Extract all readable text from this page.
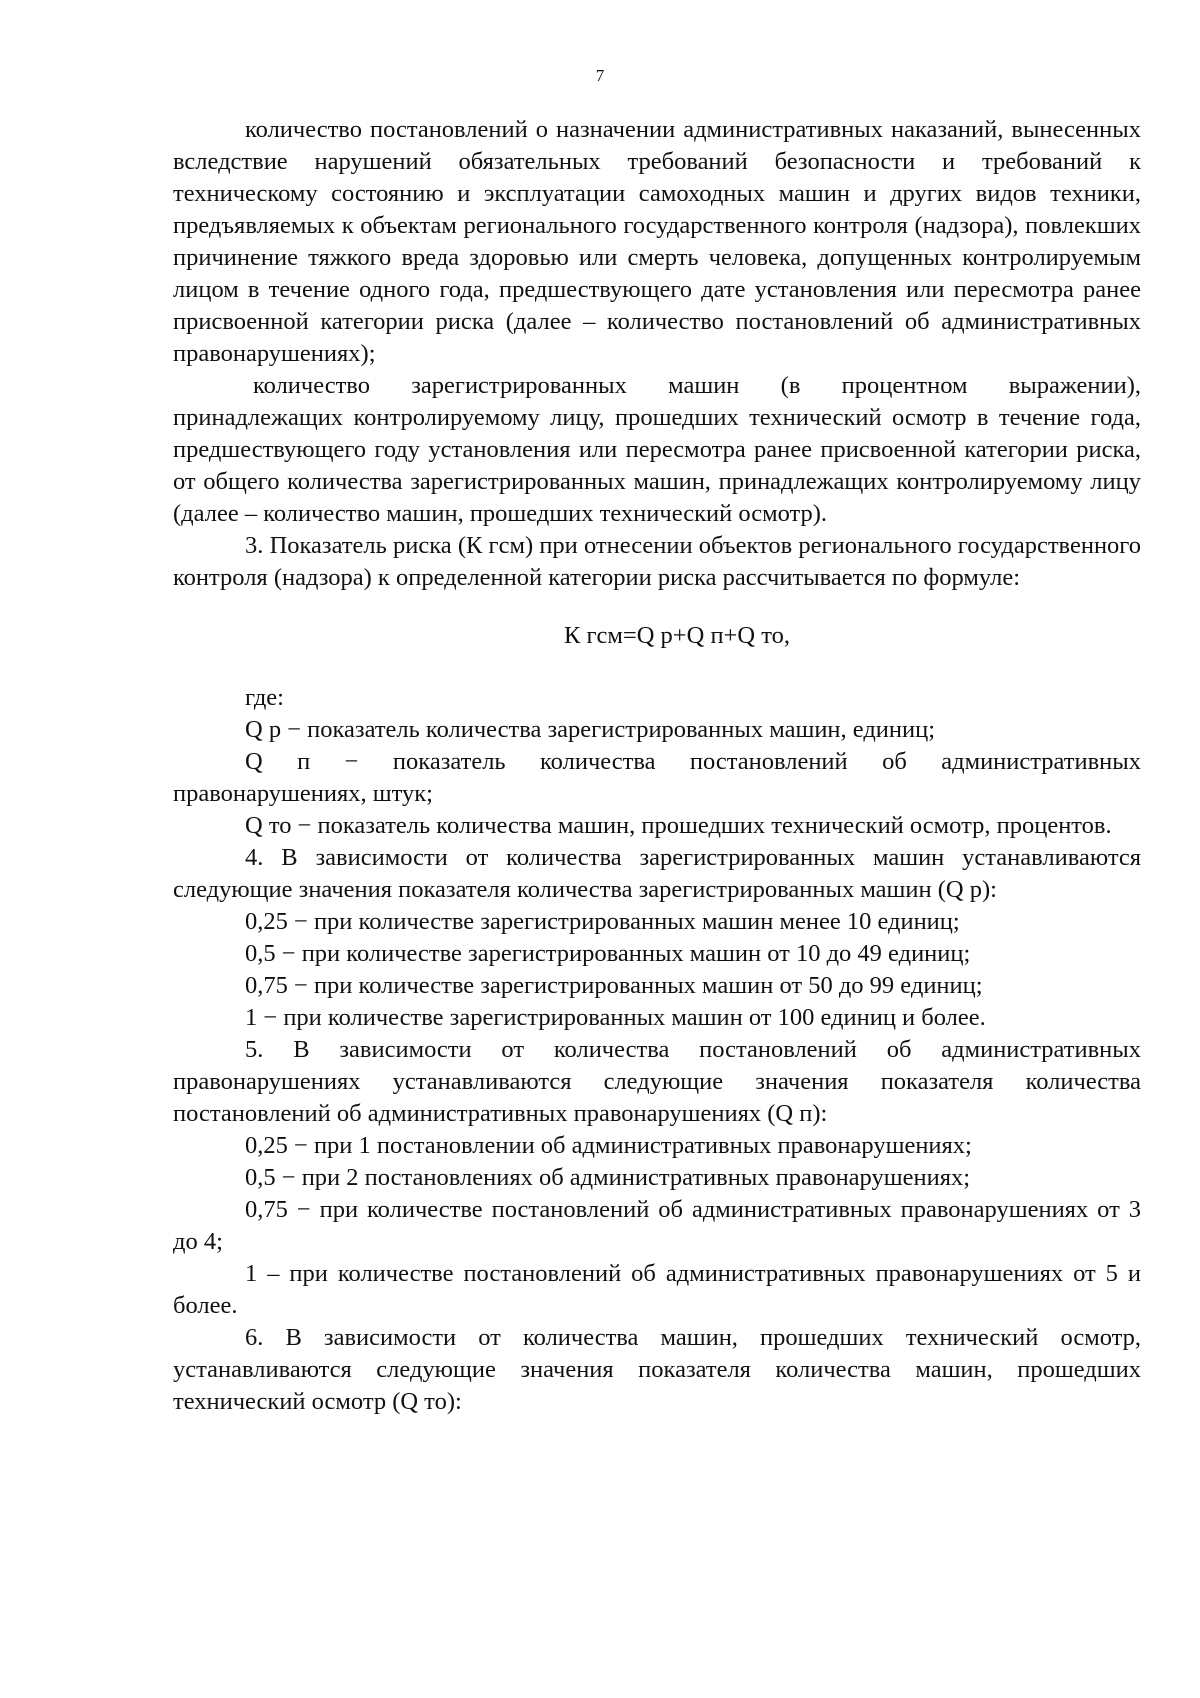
7

количество постановлений о назначении административных наказаний, вынесенных вследствие нарушений обязательных требований безопасности и требований к техническому состоянию и эксплуатации самоходных машин и других видов техники, предъявляемых к объектам регионального государственного контроля (надзора), повлекших причинение тяжкого вреда здоровью или смерть человека, допущенных контролируемым лицом в течение одного года, предшествующего дате установления или пересмотра ранее присвоенной категории риска (далее – количество постановлений об административных правонарушениях);

количество зарегистрированных машин (в процентном выражении), принадлежащих контролируемому лицу, прошедших технический осмотр в течение года, предшествующего году установления или пересмотра ранее присвоенной категории риска, от общего количества зарегистрированных машин, принадлежащих контролируемому лицу (далее – количество машин, прошедших технический осмотр).

3. Показатель риска (К гсм) при отнесении объектов регионального государственного контроля (надзора) к определенной категории риска рассчитывается по формуле:

К гсм=Q р+Q п+Q то,

где:

Q р − показатель количества зарегистрированных машин, единиц;

Q п − показатель количества постановлений об административных правонарушениях, штук;

Q то − показатель количества машин, прошедших технический осмотр, процентов.

4. В зависимости от количества зарегистрированных машин устанавливаются следующие значения показателя количества зарегистрированных машин (Q р):

0,25 − при количестве зарегистрированных машин менее 10 единиц;

0,5 − при количестве зарегистрированных машин от 10 до 49 единиц;

0,75 − при количестве зарегистрированных машин от 50 до 99 единиц;

1 − при количестве зарегистрированных машин от 100 единиц и более.

5. В зависимости от количества постановлений об административных правонарушениях устанавливаются следующие значения показателя количества постановлений об административных правонарушениях (Q п):

0,25 − при 1 постановлении об административных правонарушениях;

0,5 − при 2 постановлениях об административных правонарушениях;

0,75 − при количестве постановлений об административных правонарушениях от 3 до 4;

1 – при количестве постановлений об административных правонарушениях от 5 и более.

6. В зависимости от количества машин, прошедших технический осмотр, устанавливаются следующие значения показателя количества машин, прошедших технический осмотр (Q то):
